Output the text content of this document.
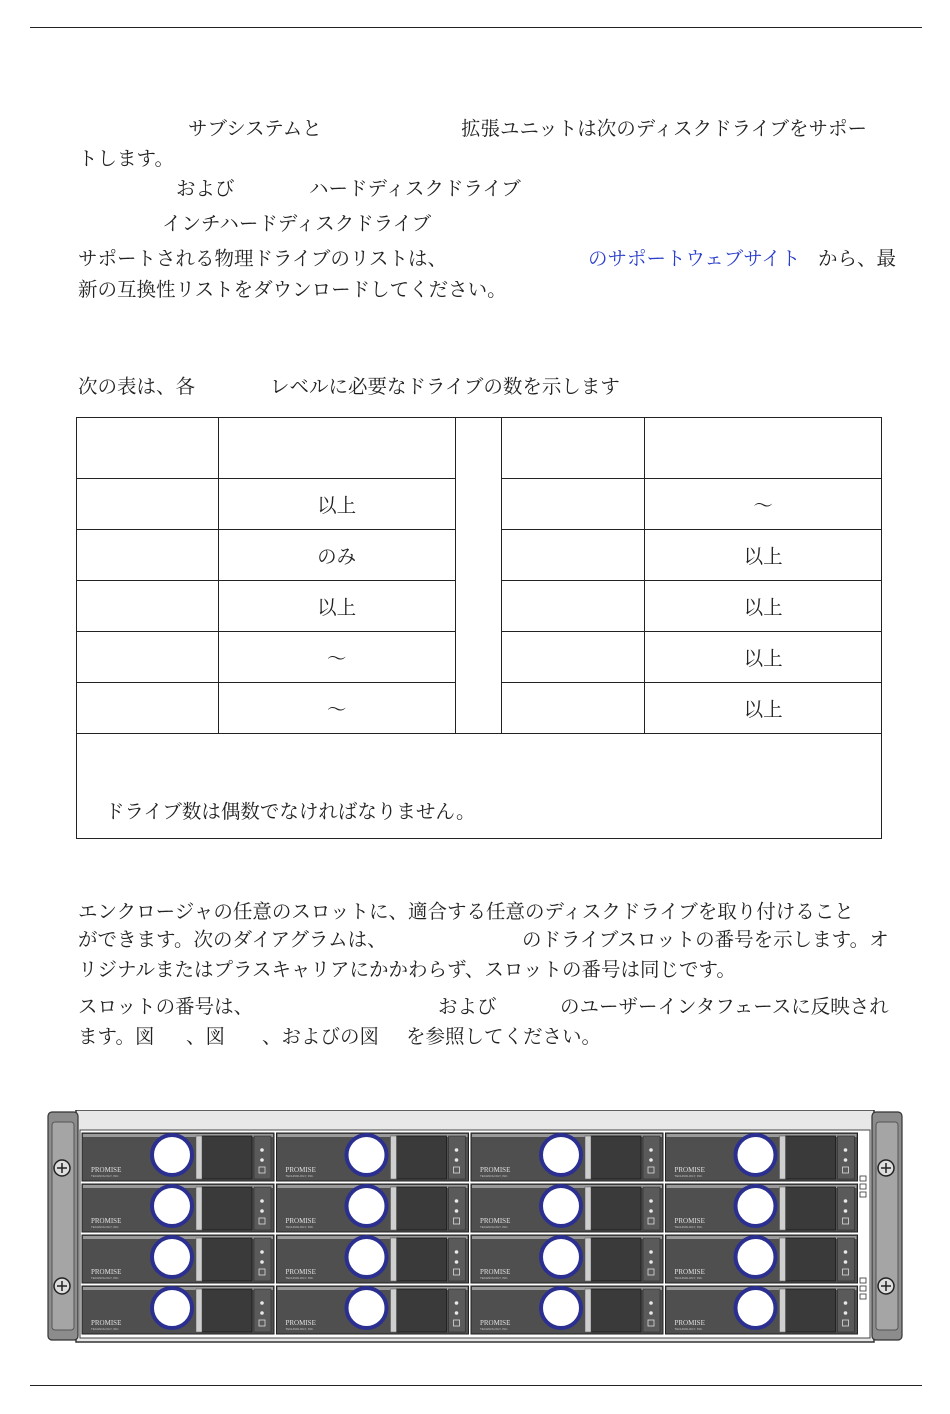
サブシステムと	拡張ユニットは次のディスクドライブをサポー
トします。
および	ハードディスクドライブ
インチハードディスクドライブ
サポートされる物理ドライブのリストは、	のサポートウェブサイト から、最
新の互換性リストをダウンロードしてください。
次の表は、各	レベルに必要なドライブの数を示します

	以上			～
	のみ			以上
	以上			以上
	～			以上
	～			以上
ドライブ数は偶数でなければなりません。				
エンクロージャの任意のスロットに、適合する任意のディスクドライブを取り付けること
ができます。次のダイアグラムは、	のドライブスロットの番号を示します。オ
リジナルまたはプラスキャリアにかかわらず、スロットの番号は同じです。
スロットの番号は、	および	のユーザーインタフェースに反映され
ます。図 、図 、およびの図 を参照してください。
PROMISE
TECHNOLOGY, INC.
PROMISE
TECHNOLOGY, INC.
PROMISE
TECHNOLOGY, INC.
PROMISE
TECHNOLOGY, INC.
PROMISE
TECHNOLOGY, INC.
PROMISE
TECHNOLOGY, INC.
PROMISE
TECHNOLOGY, INC.
PROMISE
TECHNOLOGY, INC.
PROMISE
TECHNOLOGY, INC.
PROMISE
TECHNOLOGY, INC.
PROMISE
TECHNOLOGY, INC.
PROMISE
TECHNOLOGY, INC.
PROMISE
TECHNOLOGY, INC.
PROMISE
TECHNOLOGY, INC.
PROMISE
TECHNOLOGY, INC.
PROMISE
TECHNOLOGY, INC.
